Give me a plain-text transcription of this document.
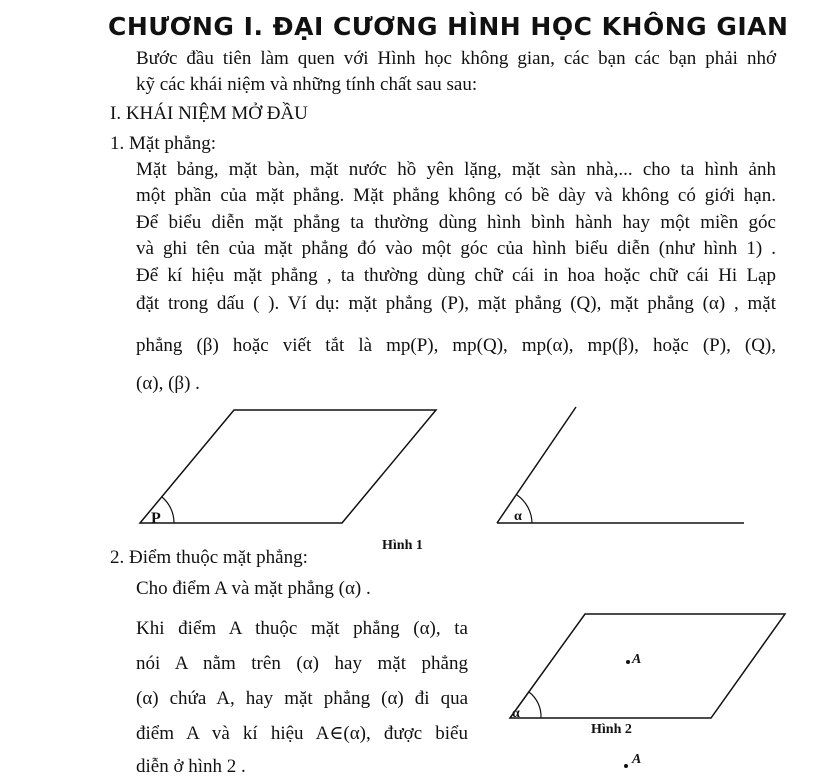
CHƯƠNG I. ĐẠI CƯƠNG HÌNH HỌC KHÔNG GIAN
Bước đầu tiên làm quen với Hình học không gian, các bạn các bạn phải nhớ
kỹ các khái niệm và những tính chất sau sau:
I. KHÁI NIỆM MỞ ĐẦU
1. Mặt phẳng:
Mặt bảng, mặt bàn, mặt nước hồ yên lặng, mặt sàn nhà,... cho ta hình ảnh
một phần của mặt phẳng. Mặt phẳng không có bề dày và không có giới hạn.
Để biểu diễn mặt phẳng ta thường dùng hình bình hành hay một miền góc
và ghi tên của mặt phẳng đó vào một góc của hình biểu diễn (như hình 1) .
Để kí hiệu mặt phẳng , ta thường dùng chữ cái in hoa hoặc chữ cái Hi Lạp
đặt trong dấu ( ). Ví dụ: mặt phẳng (P), mặt phẳng (Q), mặt phẳng (α) , mặt
phẳng (β) hoặc viết tắt là mp(P), mp(Q), mp(α), mp(β), hoặc (P), (Q),
(α), (β) .
P	α
Hình 1
2. Điểm thuộc mặt phẳng:
Cho điểm A và mặt phẳng (α) .
Khi điểm A thuộc mặt phẳng (α), ta
nói A nằm trên (α) hay mặt phẳng
(α) chứa A, hay mặt phẳng (α) đi qua
điểm A và kí hiệu A∈(α), được biểu
diễn ở hình 2 .
α
A
Hình 2
A
